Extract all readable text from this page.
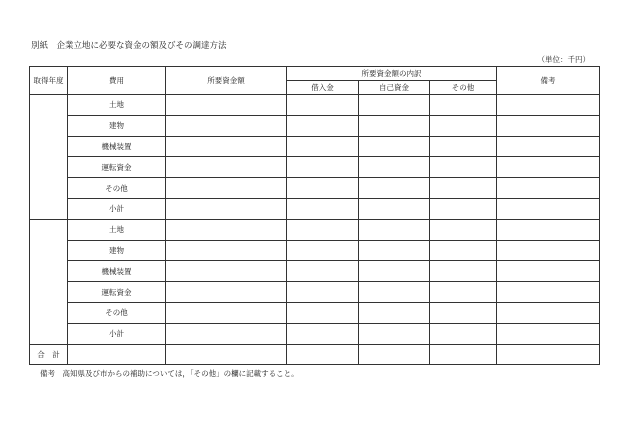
別紙　企業立地に必要な資金の額及びその調達方法
（単位：千円）
取得年度	費用	所要資金額	所要資金額の内訳			備考
			借入金	自己資金	その他	
	土地					
	建物					
	機械装置					
	運転資金					
	その他					
	小計					
	土地					
	建物					
	機械装置					
	運転資金					
	その他					
	小計					
合　計						
備考　高知県及び市からの補助については，「その他」の欄に記載すること。
